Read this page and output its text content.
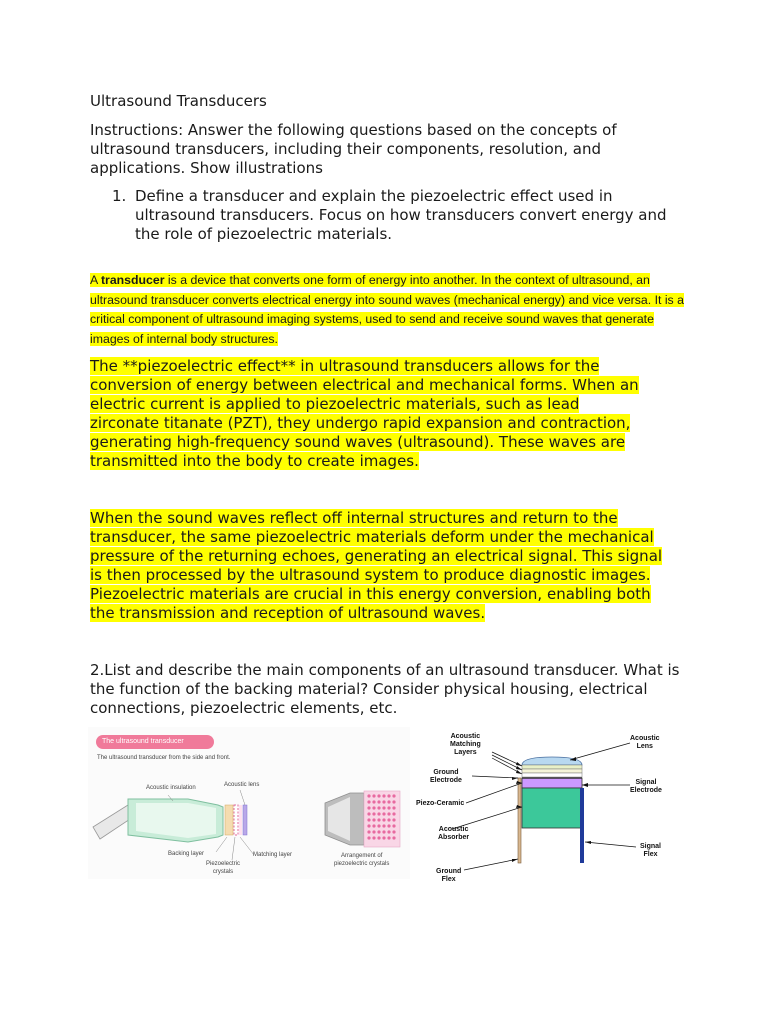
Ultrasound Transducers
Instructions: Answer the following questions based on the concepts of ultrasound transducers, including their components, resolution, and applications. Show illustrations
1. Define a transducer and explain the piezoelectric effect used in ultrasound transducers. Focus on how transducers convert energy and the role of piezoelectric materials.
A transducer is a device that converts one form of energy into another. In the context of ultrasound, an ultrasound transducer converts electrical energy into sound waves (mechanical energy) and vice versa. It is a critical component of ultrasound imaging systems, used to send and receive sound waves that generate images of internal body structures.
The **piezoelectric effect** in ultrasound transducers allows for the conversion of energy between electrical and mechanical forms. When an electric current is applied to piezoelectric materials, such as lead zirconate titanate (PZT), they undergo rapid expansion and contraction, generating high-frequency sound waves (ultrasound). These waves are transmitted into the body to create images.
When the sound waves reflect off internal structures and return to the transducer, the same piezoelectric materials deform under the mechanical pressure of the returning echoes, generating an electrical signal. This signal is then processed by the ultrasound system to produce diagnostic images. Piezoelectric materials are crucial in this energy conversion, enabling both the transmission and reception of ultrasound waves.
2.List and describe the main components of an ultrasound transducer. What is the function of the backing material? Consider physical housing, electrical connections, piezoelectric elements, etc.
The ultrasound transducer
The ultrasound transducer from the side and front.
Acoustic insulation	Acoustic lens
Backing layer	Matching layer
Piezoelectric
crystals
Arrangement of
piezoelectric crystals
Acoustic
Matching
Layers
Ground
Electrode
Piezo-Ceramic
Acoustic
Absorber
Ground
Flex
Acoustic
Lens
Signal
Electrode
Signal
Flex
